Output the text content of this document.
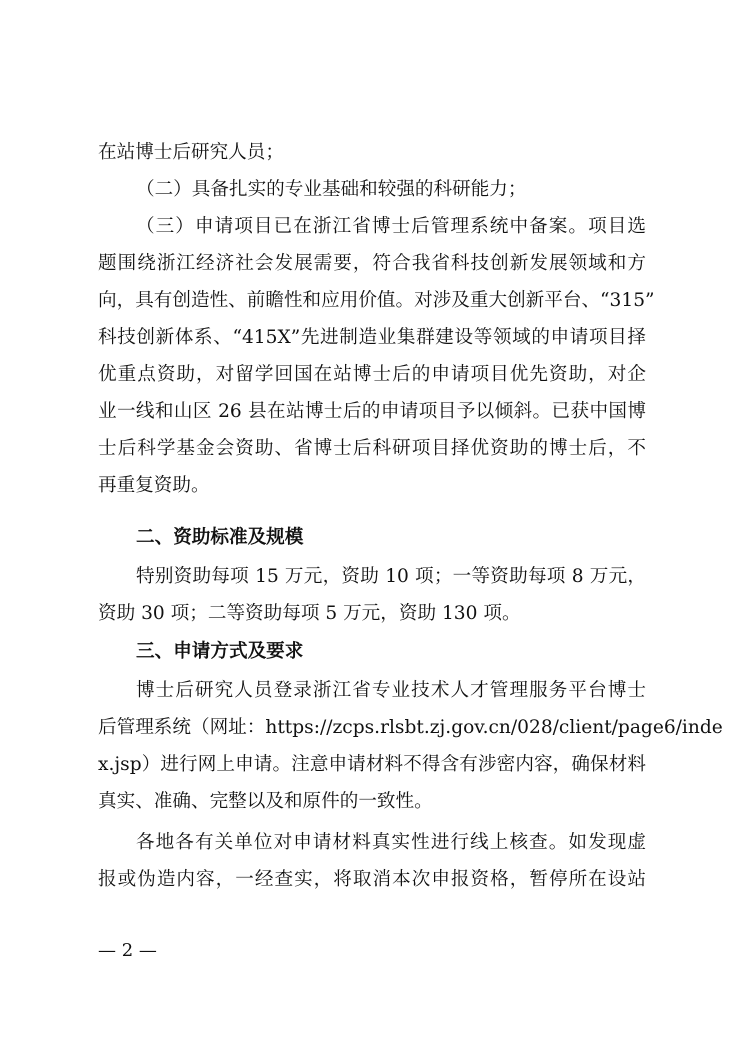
在站博士后研究人员；
（二）具备扎实的专业基础和较强的科研能力；
（三）申请项目已在浙江省博士后管理系统中备案。项目选
题围绕浙江经济社会发展需要，符合我省科技创新发展领域和方
向，具有创造性、前瞻性和应用价值。对涉及重大创新平台、“315”
科技创新体系、“415X”先进制造业集群建设等领域的申请项目择
优重点资助，对留学回国在站博士后的申请项目优先资助，对企
业一线和山区 26 县在站博士后的申请项目予以倾斜。已获中国博
士后科学基金会资助、省博士后科研项目择优资助的博士后，不
再重复资助。
二、资助标准及规模
特别资助每项 15 万元，资助 10 项；一等资助每项 8 万元，
资助 30 项；二等资助每项 5 万元，资助 130 项。
三、申请方式及要求
博士后研究人员登录浙江省专业技术人才管理服务平台博士
后管理系统（网址：https://zcps.rlsbt.zj.gov.cn/028/client/page6/inde
x.jsp）进行网上申请。注意申请材料不得含有涉密内容，确保材料
真实、准确、完整以及和原件的一致性。
各地各有关单位对申请材料真实性进行线上核查。如发现虚
报或伪造内容，一经查实，将取消本次申报资格，暂停所在设站
— 2 —
